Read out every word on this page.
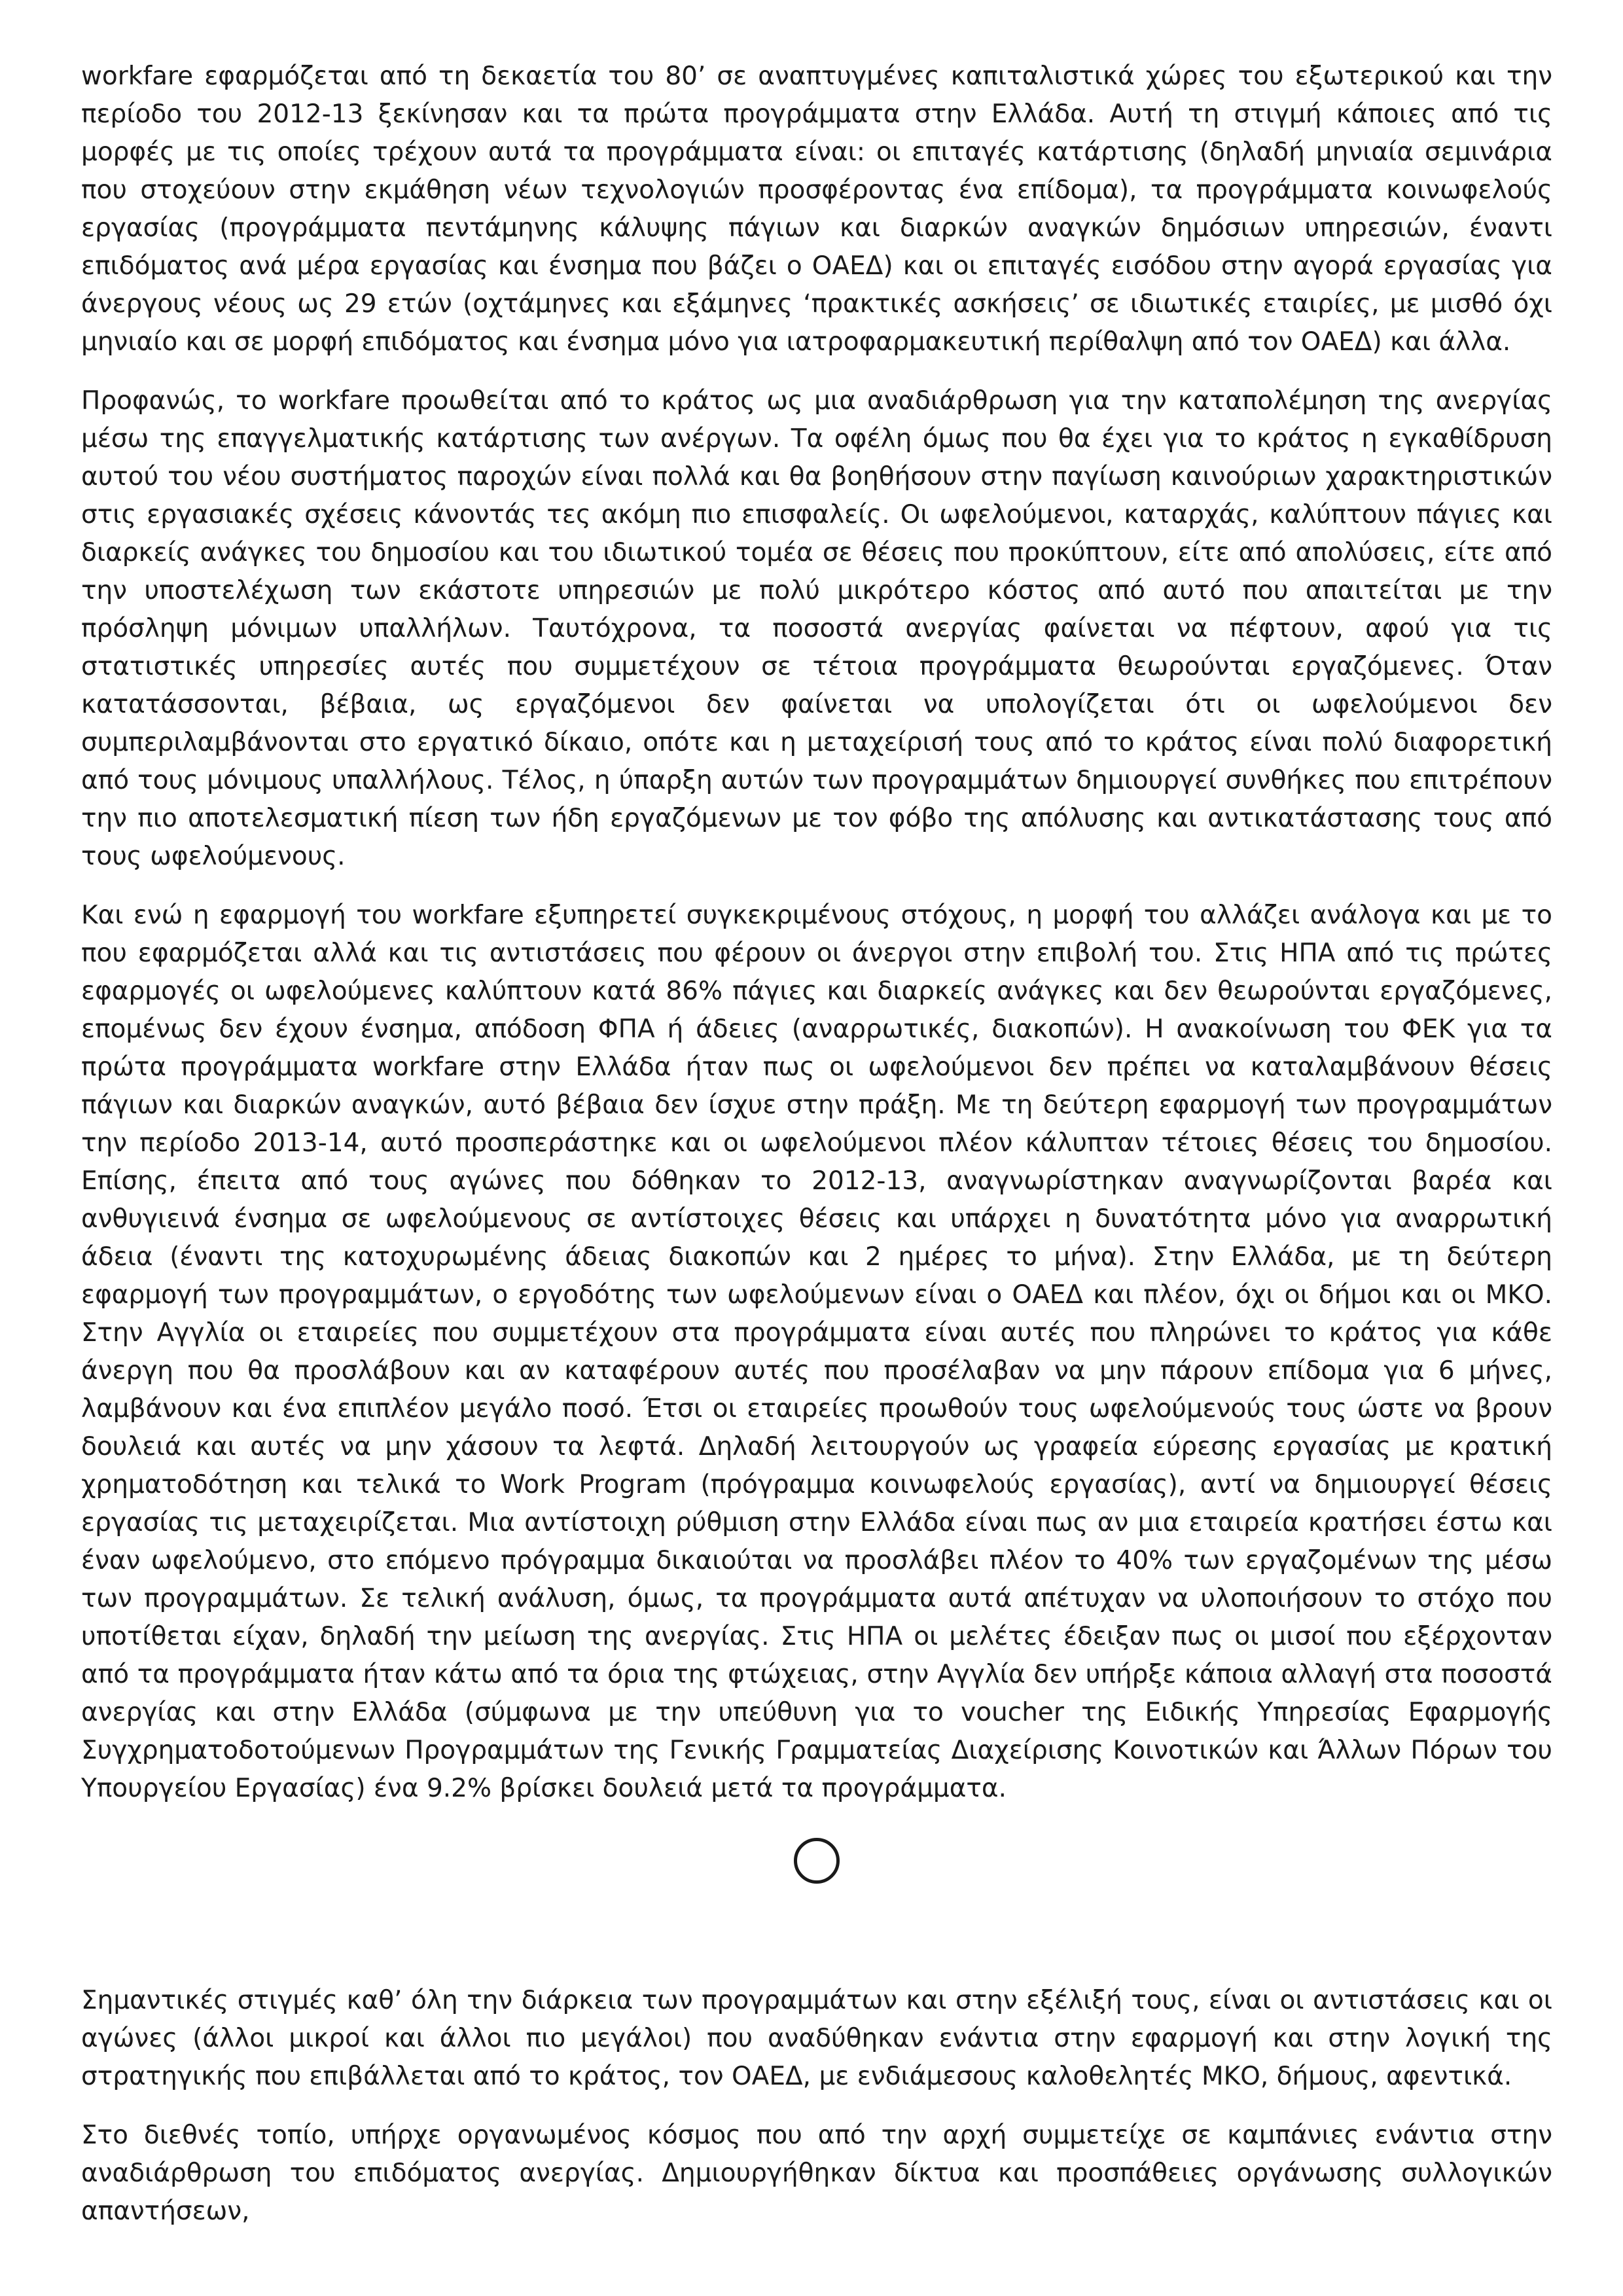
workfare εφαρμόζεται από τη δεκαετία του 80’ σε αναπτυγμένες καπιταλιστικά χώρες του εξωτερικού και την περίοδο του 2012-13 ξεκίνησαν και τα πρώτα προγράμματα στην Ελλάδα. Αυτή τη στιγμή κάποιες από τις μορφές με τις οποίες τρέχουν αυτά τα προγράμματα είναι: οι επιταγές κατάρτισης (δηλαδή μηνιαία σεμινάρια που στοχεύουν στην εκμάθηση νέων τεχνολογιών προσφέροντας ένα επίδομα), τα προγράμματα κοινωφελούς εργασίας (προγράμματα πεντάμηνης κάλυψης πάγιων και διαρκών αναγκών δημόσιων υπηρεσιών, έναντι επιδόματος ανά μέρα εργασίας και ένσημα που βάζει ο ΟΑΕΔ) και οι επιταγές εισόδου στην αγορά εργασίας για άνεργους νέους ως 29 ετών (οχτάμηνες και εξάμηνες ‘πρακτικές ασκήσεις’ σε ιδιωτικές εταιρίες, με μισθό όχι μηνιαίο και σε μορφή επιδόματος και ένσημα μόνο για ιατροφαρμακευτική περίθαλψη από τον ΟΑΕΔ) και άλλα.

Προφανώς, το workfare προωθείται από το κράτος ως μια αναδιάρθρωση για την καταπολέμηση της ανεργίας μέσω της επαγγελματικής κατάρτισης των ανέργων. Τα οφέλη όμως που θα έχει για το κράτος η εγκαθίδρυση αυτού του νέου συστήματος παροχών είναι πολλά και θα βοηθήσουν στην παγίωση καινούριων χαρακτηριστικών στις εργασιακές σχέσεις κάνοντάς τες ακόμη πιο επισφαλείς. Οι ωφελούμενοι, καταρχάς, καλύπτουν πάγιες και διαρκείς ανάγκες του δημοσίου και του ιδιωτικού τομέα σε θέσεις που προκύπτουν, είτε από απολύσεις, είτε από την υποστελέχωση των εκάστοτε υπηρεσιών με πολύ μικρότερο κόστος από αυτό που απαιτείται με την πρόσληψη μόνιμων υπαλλήλων. Ταυτόχρονα, τα ποσοστά ανεργίας φαίνεται να πέφτουν, αφού για τις στατιστικές υπηρεσίες αυτές που συμμετέχουν σε τέτοια προγράμματα θεωρούνται εργαζόμενες. Όταν κατατάσσονται, βέβαια, ως εργαζόμενοι δεν φαίνεται να υπολογίζεται ότι οι ωφελούμενοι δεν συμπεριλαμβάνονται στο εργατικό δίκαιο, οπότε και η μεταχείρισή τους από το κράτος είναι πολύ διαφορετική από τους μόνιμους υπαλλήλους. Τέλος, η ύπαρξη αυτών των προγραμμάτων δημιουργεί συνθήκες που επιτρέπουν την πιο αποτελεσματική πίεση των ήδη εργαζόμενων με τον φόβο της απόλυσης και αντικατάστασης τους από τους ωφελούμενους.

Και ενώ η εφαρμογή του workfare εξυπηρετεί συγκεκριμένους στόχους, η μορφή του αλλάζει ανάλογα και με το που εφαρμόζεται αλλά και τις αντιστάσεις που φέρουν οι άνεργοι στην επιβολή του. Στις ΗΠΑ από τις πρώτες εφαρμογές οι ωφελούμενες καλύπτουν κατά 86% πάγιες και διαρκείς ανάγκες και δεν θεωρούνται εργαζόμενες, επομένως δεν έχουν ένσημα, απόδοση ΦΠΑ ή άδειες (αναρρωτικές, διακοπών). Η ανακοίνωση του ΦΕΚ για τα πρώτα προγράμματα workfare στην Ελλάδα ήταν πως οι ωφελούμενοι δεν πρέπει να καταλαμβάνουν θέσεις πάγιων και διαρκών αναγκών, αυτό βέβαια δεν ίσχυε στην πράξη. Με τη δεύτερη εφαρμογή των προγραμμάτων την περίοδο 2013-14, αυτό προσπεράστηκε και οι ωφελούμενοι πλέον κάλυπταν τέτοιες θέσεις του δημοσίου. Επίσης, έπειτα από τους αγώνες που δόθηκαν το 2012-13, αναγνωρίστηκαν αναγνωρίζονται βαρέα και ανθυγιεινά ένσημα σε ωφελούμενους σε αντίστοιχες θέσεις και υπάρχει η δυνατότητα μόνο για αναρρωτική άδεια (έναντι της κατοχυρωμένης άδειας διακοπών και 2 ημέρες το μήνα). Στην Ελλάδα, με τη δεύτερη εφαρμογή των προγραμμάτων, ο εργοδότης των ωφελούμενων είναι ο ΟΑΕΔ και πλέον, όχι οι δήμοι και οι ΜΚΟ. Στην Αγγλία οι εταιρείες που συμμετέχουν στα προγράμματα είναι αυτές που πληρώνει το κράτος για κάθε άνεργη που θα προσλάβουν και αν καταφέρουν αυτές που προσέλαβαν να μην πάρουν επίδομα για 6 μήνες, λαμβάνουν και ένα επιπλέον μεγάλο ποσό. Έτσι οι εταιρείες προωθούν τους ωφελούμενούς τους ώστε να βρουν δουλειά και αυτές να μην χάσουν τα λεφτά. Δηλαδή λειτουργούν ως γραφεία εύρεσης εργασίας με κρατική χρηματοδότηση και τελικά το Work Program (πρόγραμμα κοινωφελούς εργασίας), αντί να δημιουργεί θέσεις εργασίας τις μεταχειρίζεται. Μια αντίστοιχη ρύθμιση στην Ελλάδα είναι πως αν μια εταιρεία κρατήσει έστω και έναν ωφελούμενο, στο επόμενο πρόγραμμα δικαιούται να προσλάβει πλέον το 40% των εργαζομένων της μέσω των προγραμμάτων. Σε τελική ανάλυση, όμως, τα προγράμματα αυτά απέτυχαν να υλοποιήσουν το στόχο που υποτίθεται είχαν, δηλαδή την μείωση της ανεργίας. Στις ΗΠΑ οι μελέτες έδειξαν πως οι μισοί που εξέρχονταν από τα προγράμματα ήταν κάτω από τα όρια της φτώχειας, στην Αγγλία δεν υπήρξε κάποια αλλαγή στα ποσοστά ανεργίας και στην Ελλάδα (σύμφωνα με την υπεύθυνη για το voucher της Ειδικής Υπηρεσίας Εφαρμογής Συγχρηματοδοτούμενων Προγραμμάτων της Γενικής Γραμματείας Διαχείρισης Κοινοτικών και Άλλων Πόρων του Υπουργείου Εργασίας) ένα 9.2% βρίσκει δουλειά μετά τα προγράμματα.

Σημαντικές στιγμές καθ’ όλη την διάρκεια των προγραμμάτων και στην εξέλιξή τους, είναι οι αντιστάσεις και οι αγώνες (άλλοι μικροί και άλλοι πιο μεγάλοι) που αναδύθηκαν ενάντια στην εφαρμογή και στην λογική της στρατηγικής που επιβάλλεται από το κράτος, τον ΟΑΕΔ, με ενδιάμεσους καλοθελητές ΜΚΟ, δήμους, αφεντικά.

Στο διεθνές τοπίο, υπήρχε οργανωμένος κόσμος που από την αρχή συμμετείχε σε καμπάνιες ενάντια στην αναδιάρθρωση του επιδόματος ανεργίας. Δημιουργήθηκαν δίκτυα και προσπάθειες οργάνωσης συλλογικών απαντήσεων,
